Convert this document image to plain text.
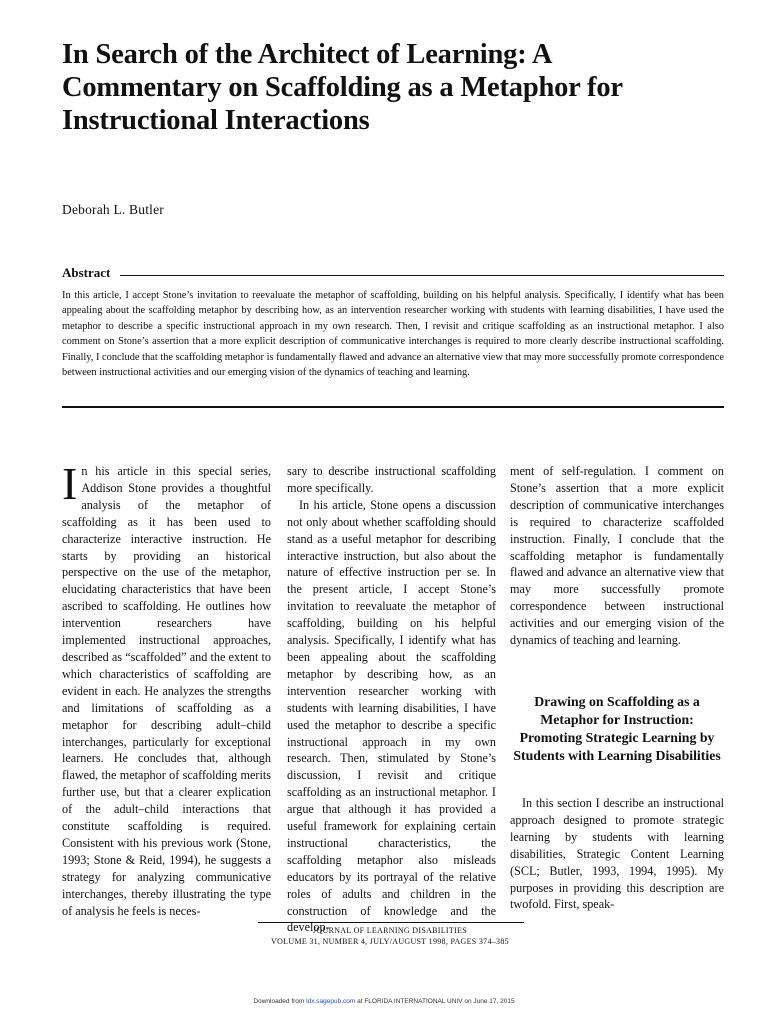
In Search of the Architect of Learning: A Commentary on Scaffolding as a Metaphor for Instructional Interactions

Deborah L. Butler

Abstract

In this article, I accept Stone’s invitation to reevaluate the metaphor of scaffolding, building on his helpful analysis. Specifically, I identify what has been appealing about the scaffolding metaphor by describing how, as an intervention researcher working with students with learning disabilities, I have used the metaphor to describe a specific instructional approach in my own research. Then, I revisit and critique scaffolding as an instructional metaphor. I also comment on Stone’s assertion that a more explicit description of communicative interchanges is required to more clearly describe instructional scaffolding. Finally, I conclude that the scaffolding metaphor is fundamentally flawed and advance an alternative view that may more successfully promote correspondence between instructional activities and our emerging vision of the dynamics of teaching and learning.

In his article in this special series, Addison Stone provides a thoughtful analysis of the metaphor of scaffolding as it has been used to characterize interactive instruction. He starts by providing an historical perspective on the use of the metaphor, elucidating characteristics that have been ascribed to scaffolding. He outlines how intervention researchers have implemented instructional approaches, described as “scaffolded” and the extent to which characteristics of scaffolding are evident in each. He analyzes the strengths and limitations of scaffolding as a metaphor for describing adult–child interchanges, particularly for exceptional learners. He concludes that, although flawed, the metaphor of scaffolding merits further use, but that a clearer explication of the adult–child interactions that constitute scaffolding is required. Consistent with his previous work (Stone, 1993; Stone & Reid, 1994), he suggests a strategy for analyzing communicative interchanges, thereby illustrating the type of analysis he feels is neces-

sary to describe instructional scaffolding more specifically.

In his article, Stone opens a discussion not only about whether scaffolding should stand as a useful metaphor for describing interactive instruction, but also about the nature of effective instruction per se. In the present article, I accept Stone’s invitation to reevaluate the metaphor of scaffolding, building on his helpful analysis. Specifically, I identify what has been appealing about the scaffolding metaphor by describing how, as an intervention researcher working with students with learning disabilities, I have used the metaphor to describe a specific instructional approach in my own research. Then, stimulated by Stone’s discussion, I revisit and critique scaffolding as an instructional metaphor. I argue that although it has provided a useful framework for explaining certain instructional characteristics, the scaffolding metaphor also misleads educators by its portrayal of the relative roles of adults and children in the construction of knowledge and the develop-

ment of self-regulation. I comment on Stone’s assertion that a more explicit description of communicative interchanges is required to characterize scaffolded instruction. Finally, I conclude that the scaffolding metaphor is fundamentally flawed and advance an alternative view that may more successfully promote correspondence between instructional activities and our emerging vision of the dynamics of teaching and learning.

Drawing on Scaffolding as a Metaphor for Instruction: Promoting Strategic Learning by Students with Learning Disabilities

In this section I describe an instructional approach designed to promote strategic learning by students with learning disabilities, Strategic Content Learning (SCL; Butler, 1993, 1994, 1995). My purposes in providing this description are twofold. First, speak-

JOURNAL OF LEARNING DISABILITIES

VOLUME 31, NUMBER 4, JULY/AUGUST 1998, PAGES 374–385

Downloaded from ldx.sagepub.com at FLORIDA INTERNATIONAL UNIV on June 17, 2015
